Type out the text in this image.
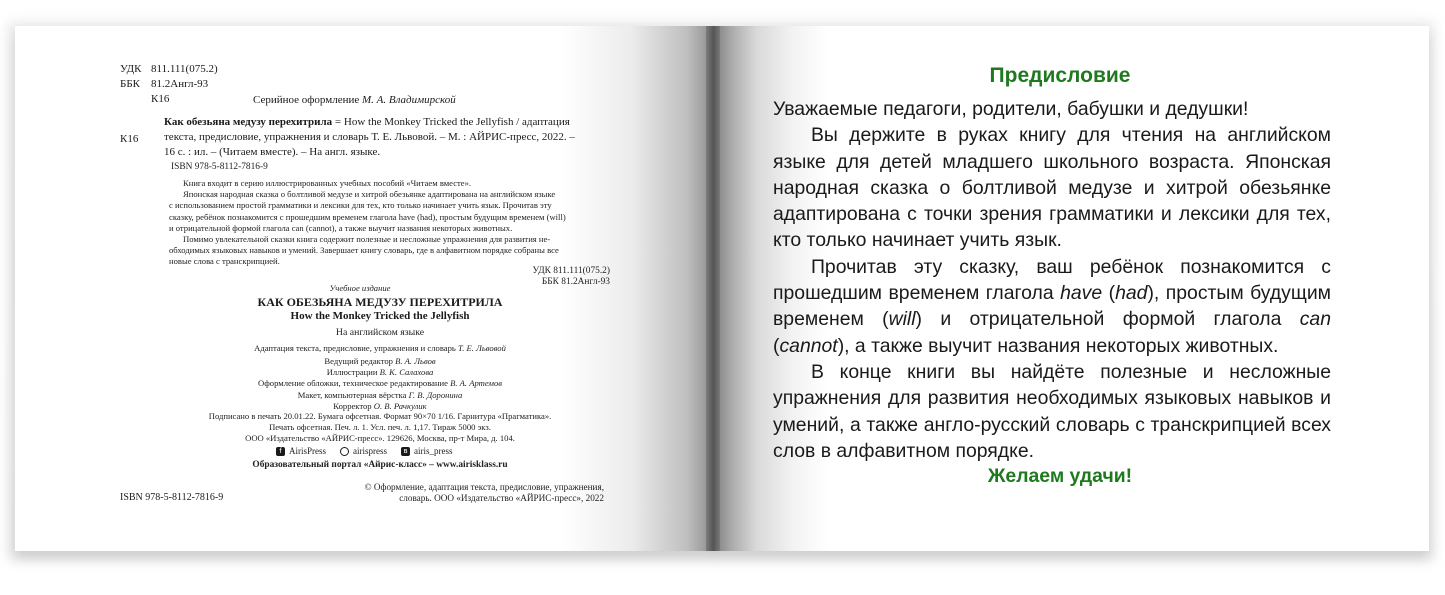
УДК 811.111(075.2)
ББК 81.2Англ-93
К16	Серийное оформление М. А. Владимирской
К16
Как обезьяна медузу перехитрила = How the Monkey Tricked the Jellyfish / адаптация
текста, предисловие, упражнения и словарь Т. Е. Львовой. – М. : АЙРИС-пресс, 2022. –
16 с. : ил. – (Читаем вместе). – На англ. языке.
ISBN 978-5-8112-7816-9
Книга входит в серию иллюстрированных учебных пособий «Читаем вместе».
Японская народная сказка о болтливой медузе и хитрой обезьянке адаптирована на английском языке
с использованием простой грамматики и лексики для тех, кто только начинает учить язык. Прочитав эту
сказку, ребёнок познакомится с прошедшим временем глагола have (had), простым будущим временем (will)
и отрицательной формой глагола can (cannot), а также выучит названия некоторых животных.
Помимо увлекательной сказки книга содержит полезные и несложные упражнения для развития не-
обходимых языковых навыков и умений. Завершает книгу словарь, где в алфавитном порядке собраны все
новые слова с транскрипцией.
УДК 811.111(075.2)
ББК 81.2Англ-93
Учебное издание
КАК ОБЕЗЬЯНА МЕДУЗУ ПЕРЕХИТРИЛА
How the Monkey Tricked the Jellyfish
На английском языке
Адаптация текста, предисловие, упражнения и словарь Т. Е. Львовой
Ведущий редактор В. А. Львов
Иллюстрации В. К. Салахова
Оформление обложки, техническое редактирование В. А. Артемов
Макет, компьютерная вёрстка Г. В. Доронина
Корректор О. В. Рачкулик
Подписано в печать 20.01.22. Бумага офсетная. Формат 90×70 1/16. Гарнитура «Прагматика».
Печать офсетная. Печ. л. 1. Усл. печ. л. 1,17. Тираж 5000 экз.
ООО «Издательство «АЙРИС-пресс». 129626, Москва, пр-т Мира, д. 104.
f AirisPress	airispress	в airis_press
Образовательный портал «Айрис-класс» – www.airisklass.ru
ISBN 978-5-8112-7816-9
© Оформление, адаптация текста, предисловие, упражнения,
словарь. ООО «Издательство «АЙРИС-пресс», 2022
Предисловие

Уважаемые педагоги, родители, бабушки и дедушки!

Вы держите в руках книгу для чтения на английском языке для детей младшего школьного возраста. Японская народная сказка о болтливой медузе и хитрой обезьянке адаптирована с точки зрения грамматики и лексики для тех, кто только начинает учить язык.

Прочитав эту сказку, ваш ребёнок познакомится с прошедшим временем глагола have (had), простым будущим временем (will) и отрицательной формой глагола can (cannot), а также выучит названия некоторых животных.

В конце книги вы найдёте полезные и несложные упражнения для развития необходимых языковых навыков и умений, а также англо-русский словарь с транскрипцией всех слов в алфавитном порядке.

Желаем удачи!
